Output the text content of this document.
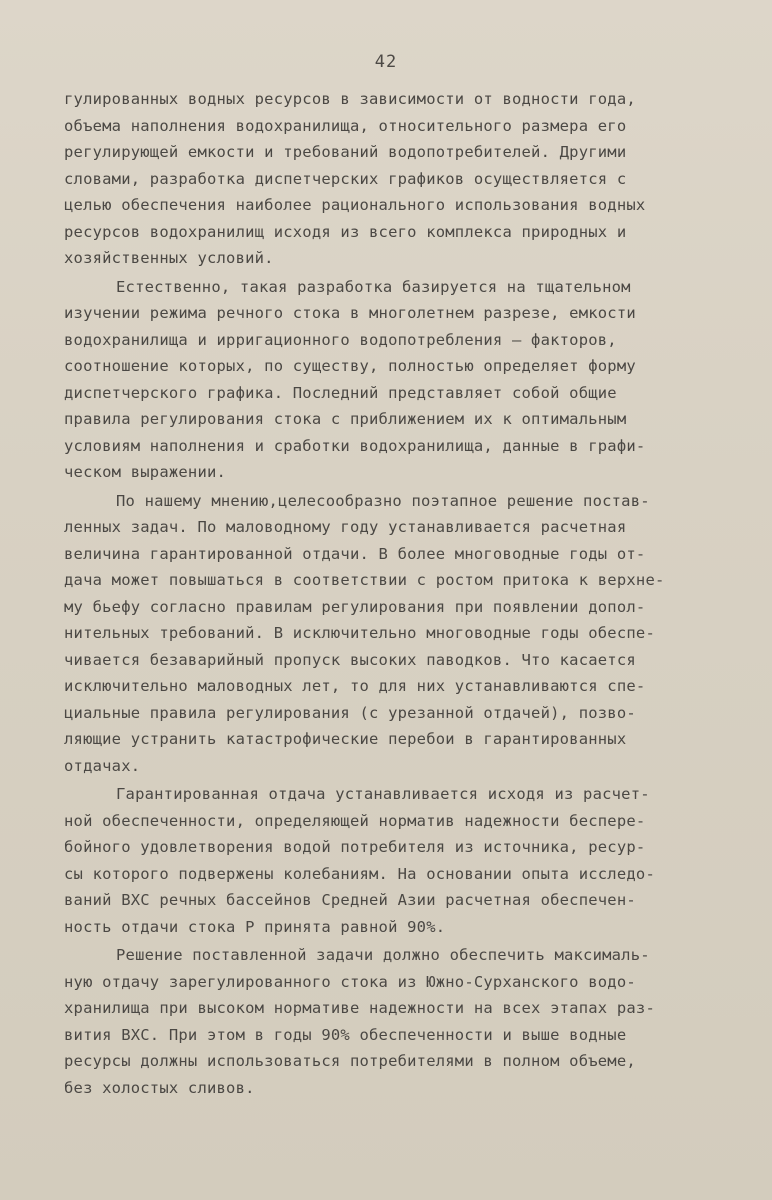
42
гулированных водных ресурсов в зависимости от водности года,
объема наполнения водохранилища, относительного размера его
регулирующей емкости и требований водопотребителей. Другими
словами, разработка диспетчерских графиков осуществляется с
целью обеспечения наиболее рационального использования водных
ресурсов водохранилищ исходя из всего комплекса природных и
хозяйственных условий.
Естественно, такая разработка базируется на тщательном
изучении режима речного стока в многолетнем разрезе, емкости
водохранилища и ирригационного водопотребления – факторов,
соотношение которых, по существу, полностью определяет форму
диспетчерского графика. Последний представляет собой общие
правила регулирования стока с приближением их к оптимальным
условиям наполнения и сработки водохранилища, данные в графи-
ческом выражении.
По нашему мнению,целесообразно поэтапное решение постав-
ленных задач. По маловодному году устанавливается расчетная
величина гарантированной отдачи. В более многоводные годы от-
дача может повышаться в соответствии с ростом притока к верхне-
му бьефу согласно правилам регулирования при появлении допол-
нительных требований. В исключительно многоводные годы обеспе-
чивается безаварийный пропуск высоких паводков. Что касается
исключительно маловодных лет, то для них устанавливаются спе-
циальные правила регулирования (с урезанной отдачей), позво-
ляющие устранить катастрофические перебои в гарантированных
отдачах.
Гарантированная отдача устанавливается исходя из расчет-
ной обеспеченности, определяющей норматив надежности беспере-
бойного удовлетворения водой потребителя из источника, ресур-
сы которого подвержены колебаниям. На основании опыта исследо-
ваний ВХС речных бассейнов Средней Азии расчетная обеспечен-
ность отдачи стока Р принята равной 90%.
Решение поставленной задачи должно обеспечить максималь-
ную отдачу зарегулированного стока из Южно-Сурханского водо-
хранилища при высоком нормативе надежности на всех этапах раз-
вития ВХС. При этом в годы 90% обеспеченности и выше водные
ресурсы должны использоваться потребителями в полном объеме,
без холостых сливов.
